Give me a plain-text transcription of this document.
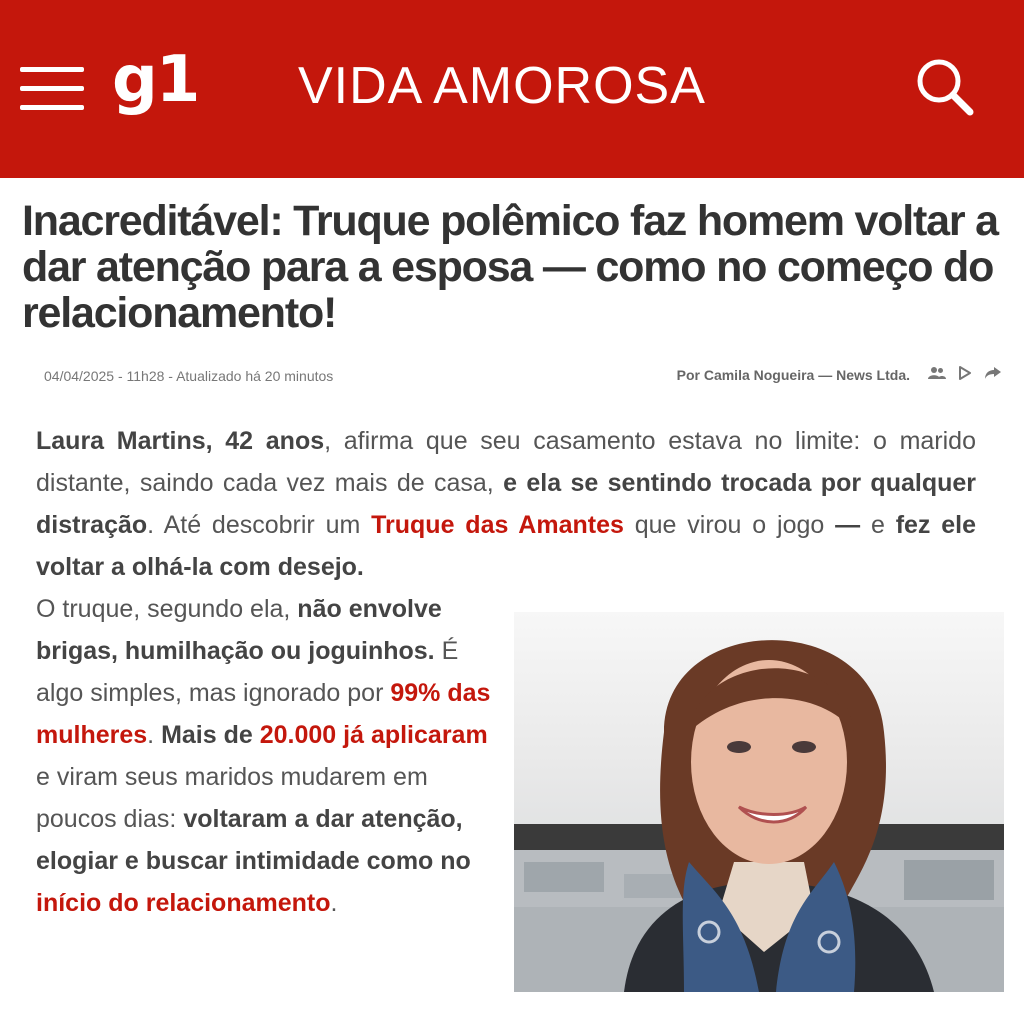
g1 VIDA AMOROSA
Inacreditável: Truque polêmico faz homem voltar a dar atenção para a esposa — como no começo do relacionamento!
04/04/2025 - 11h28 - Atualizado há 20 minutos	Por Camila Nogueira — News Ltda.

Laura Martins, 42 anos, afirma que seu casamento estava no limite: o marido distante, saindo cada vez mais de casa, e ela se sentindo trocada por qualquer distração. Até descobrir um Truque das Amantes que virou o jogo — e fez ele voltar a olhá-la com desejo.

O truque, segundo ela, não envolve brigas, humilhação ou joguinhos. É algo simples, mas ignorado por 99% das mulheres. Mais de 20.000 já aplicaram e viram seus maridos mudarem em poucos dias: voltaram a dar atenção, elogiar e buscar intimidade como no início do relacionamento.
